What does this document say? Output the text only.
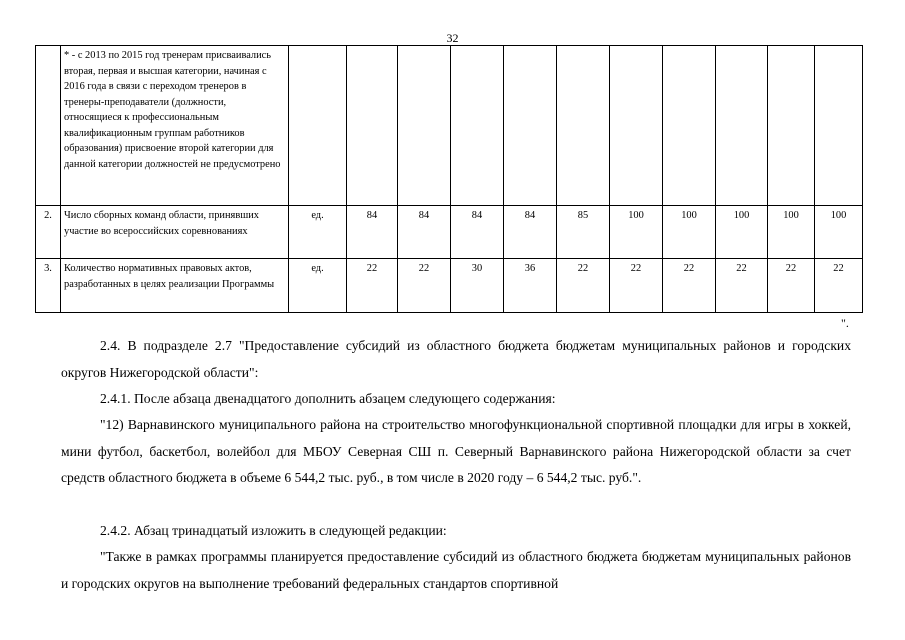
32
	* - с 2013 по 2015 год тренерам присваивались вторая, первая и высшая категории, начиная с 2016 года в связи с переходом тренеров в тренеры-преподаватели (должности, относящиеся к профессиональным квалификационным группам работников образования) присвоение второй категории для данной категории должностей не предусмотрено											
2.	Число сборных команд области, принявших участие во всероссийских соревнованиях	ед.	84	84	84	84	85	100	100	100	100	100
3.	Количество нормативных правовых актов, разработанных в целях реализации Программы	ед.	22	22	30	36	22	22	22	22	22	22
".

2.4. В подразделе 2.7 "Предоставление субсидий из областного бюджета бюджетам муниципальных районов и городских округов Нижегородской области":

2.4.1. После абзаца двенадцатого дополнить абзацем следующего содержания:

"12) Варнавинского муниципального района на строительство многофункциональной спортивной площадки для игры в хоккей, мини футбол, баскетбол, волейбол для МБОУ Северная СШ п. Северный Варнавинского района Нижегородской области за счет средств областного бюджета в объеме 6 544,2 тыс. руб., в том числе в 2020 году – 6 544,2 тыс. руб.".

2.4.2. Абзац тринадцатый изложить в следующей редакции:

"Также в рамках программы планируется предоставление субсидий из областного бюджета бюджетам муниципальных районов и городских округов на выполнение требований федеральных стандартов спортивной
